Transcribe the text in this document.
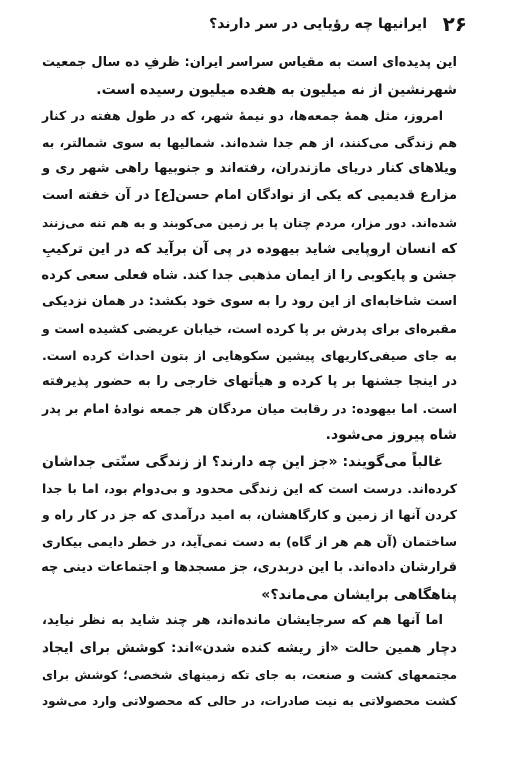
۲۶
ایرانیها چه رؤیایی در سر دارند؟
این پدیده‌ای است به مقیاس سراسر ایران: ظرفِ ده سال جمعیت
شهرنشین از نه میلیون به هفده میلیون رسیده است.
امروز، مثل همهٔ جمعه‌ها، دو نیمهٔ شهر، که در طول هفته در کنار
هم زندگی می‌کنند، از هم جدا شده‌اند. شمالیها به سوی شمالتر، به
ویلاهای کنار دریای مازندران، رفته‌اند و جنوبیها راهی شهر ری و
مزارع قدیمیی که یکی از نوادگان امام حسن[ع] در آن خفته است
شده‌اند. دور مزار، مردم چنان پا بر زمین می‌کوبند و به هم تنه می‌زنند
که انسان اروپایی شاید بیهوده در پی آن برآید که در این ترکیبِ
جشن و پایکوبی را از ایمان مذهبی جدا کند. شاه فعلی سعی کرده
است شاخابه‌ای از این رود را به سوی خود بکشد: در همان نزدیکی
مقبره‌ای برای پدرش بر پا کرده است، خیابان عریضی کشیده است و
به جای صیفی‌کاریهای پیشین سکوهایی از بتون احداث کرده است.
در اینجا جشنها بر پا کرده و هیأتهای خارجی را به حضور پذیرفته
است. اما بیهوده: در رقابت میان مردگان هر جمعه نوادهٔ امام بر پدر
شاه پیروز می‌شود.
غالباً می‌گویند: «جز این چه دارند؟ از زندگی سنّتی جداشان
کرده‌اند. درست است که این زندگی محدود و بی‌دوام بود، اما با جدا
کردن آنها از زمین و کارگاهشان، به امید درآمدی که جز در کار راه و
ساختمان (آن هم هر از گاه) به دست نمی‌آید، در خطر دایمی بیکاری
قرارشان داده‌اند. با این دربدری، جز مسجدها و اجتماعات دینی چه
پناهگاهی برایشان می‌ماند؟»
اما آنها هم که سرجایشان مانده‌اند، هر چند شاید به نظر نیاید،
دچار همین حالت «از ریشه کنده شدن»اند: کوشش برای ایجاد
مجتمعهای کشت و صنعت، به جای تکه زمینهای شخصی؛ کوشش برای
کشت محصولاتی به نیت صادرات، در حالی که محصولاتی وارد می‌شود
